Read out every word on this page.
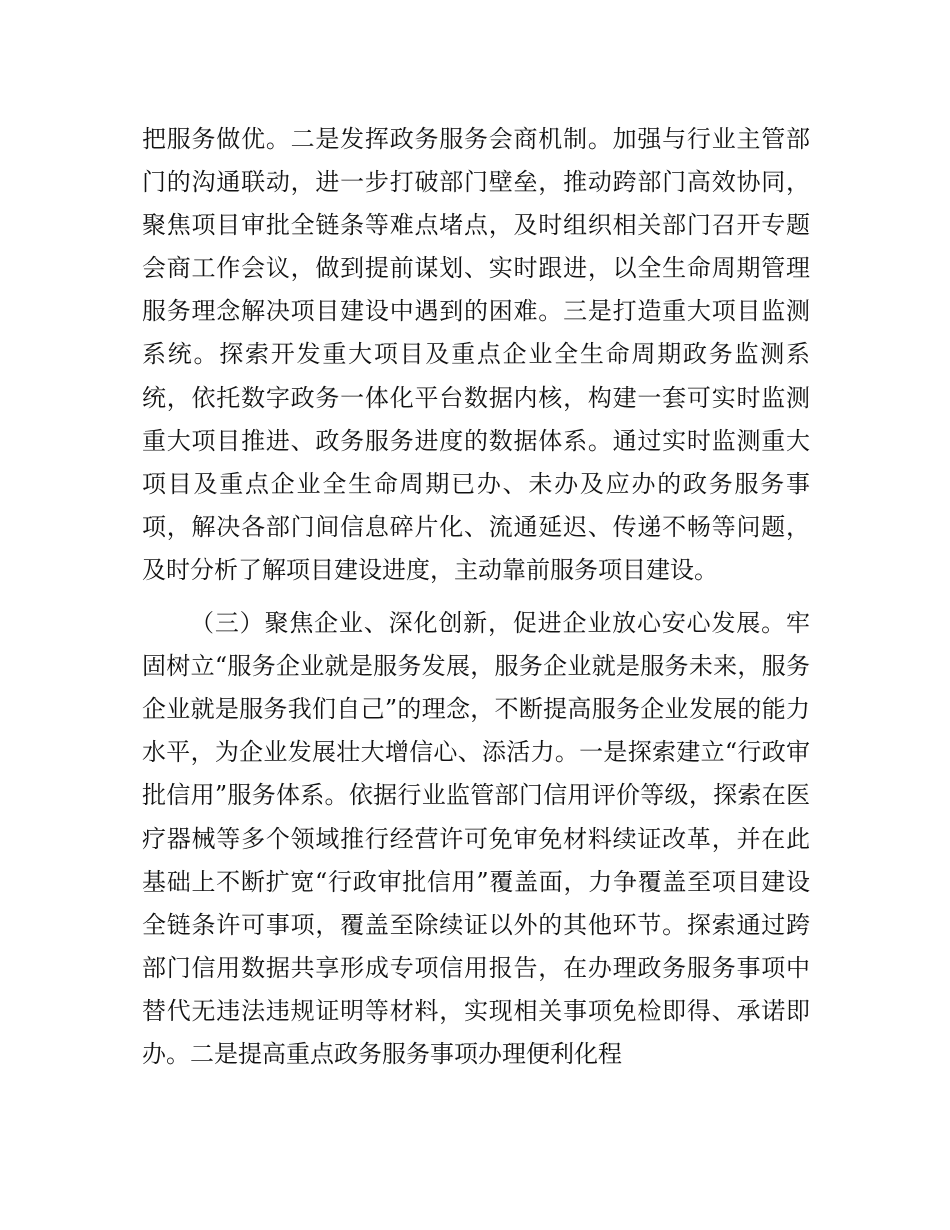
把服务做优。二是发挥政务服务会商机制。加强与行业主管部门的沟通联动，进一步打破部门壁垒，推动跨部门高效协同，聚焦项目审批全链条等难点堵点，及时组织相关部门召开专题会商工作会议，做到提前谋划、实时跟进，以全生命周期管理服务理念解决项目建设中遇到的困难。三是打造重大项目监测系统。探索开发重大项目及重点企业全生命周期政务监测系统，依托数字政务一体化平台数据内核，构建一套可实时监测重大项目推进、政务服务进度的数据体系。通过实时监测重大项目及重点企业全生命周期已办、未办及应办的政务服务事项，解决各部门间信息碎片化、流通延迟、传递不畅等问题，及时分析了解项目建设进度，主动靠前服务项目建设。

（三）聚焦企业、深化创新，促进企业放心安心发展。牢固树立“服务企业就是服务发展，服务企业就是服务未来，服务企业就是服务我们自己”的理念，不断提高服务企业发展的能力水平，为企业发展壮大增信心、添活力。一是探索建立“行政审批信用”服务体系。依据行业监管部门信用评价等级，探索在医疗器械等多个领域推行经营许可免审免材料续证改革，并在此基础上不断扩宽“行政审批信用”覆盖面，力争覆盖至项目建设全链条许可事项，覆盖至除续证以外的其他环节。探索通过跨部门信用数据共享形成专项信用报告，在办理政务服务事项中替代无违法违规证明等材料，实现相关事项免检即得、承诺即办。二是提高重点政务服务事项办理便利化程
